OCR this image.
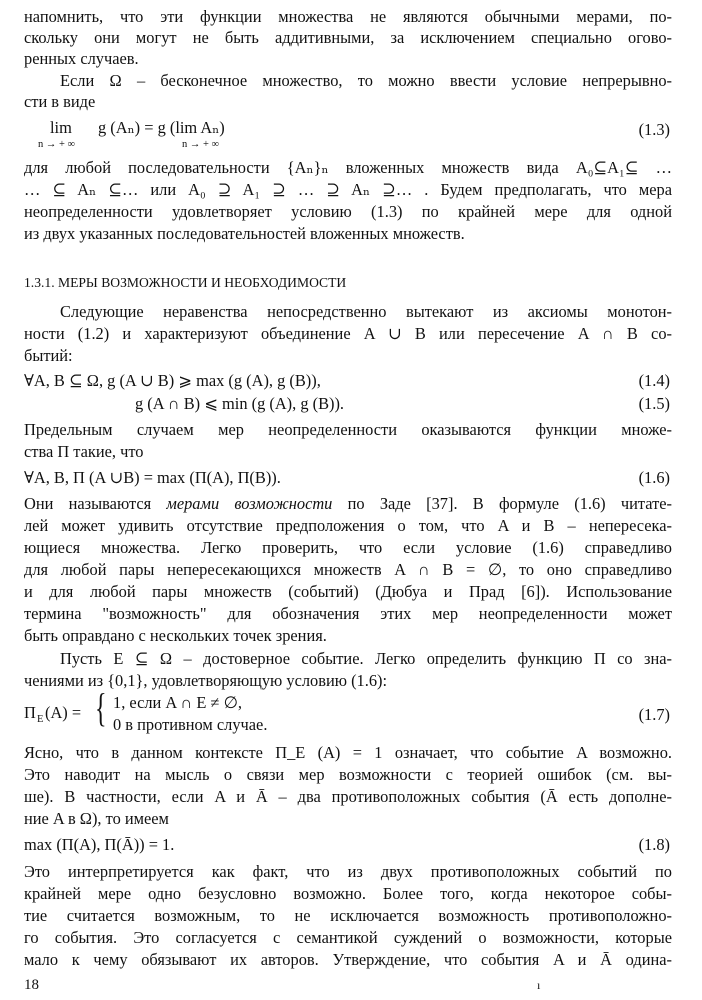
напомнить, что эти функции множества не являются обычными мерами, по-
скольку они могут не быть аддитивными, за исключением специально огово-
ренных случаев.
Если Ω – бесконечное множество, то можно ввести условие непрерывно-
сти в виде
lim
n → + ∞
g (Aₙ) = g (lim Aₙ)
n → + ∞
(1.3)
для любой последовательности {Aₙ}ₙ вложенных множеств вида A₀⊆A₁⊆ …
… ⊆ Aₙ ⊆… или A₀ ⊇ A₁ ⊇ … ⊇ Aₙ ⊇… . Будем предполагать, что мера
неопределенности удовлетворяет условию (1.3) по крайней мере для одной
из двух указанных последовательностей вложенных множеств.
1.3.1. МЕРЫ ВОЗМОЖНОСТИ И НЕОБХОДИМОСТИ
Следующие неравенства непосредственно вытекают из аксиомы монотон-
ности (1.2) и характеризуют объединение A ∪ B или пересечение A ∩ B со-
бытий:
∀A, B ⊆ Ω, g (A ∪ B) ⩾ max (g (A), g (B)),	(1.4)
g (A ∩ B) ⩽ min (g (A), g (B)).	(1.5)
Предельным случаем мер неопределенности оказываются функции множе-
ства Π такие, что
∀A, B, Π (A ∪B) = max (Π(A), Π(B)).	(1.6)
Они называются мерами возможности по Заде [37]. В формуле (1.6) читате-
лей может удивить отсутствие предположения о том, что A и B – непересека-
ющиеся множества. Легко проверить, что если условие (1.6) справедливо
для любой пары непересекающихся множеств A ∩ B = ∅, то оно справедливо
и для любой пары множеств (событий) (Дюбуа и Прад [6]). Использование
термина "возможность" для обозначения этих мер неопределенности может
быть оправдано с нескольких точек зрения.
Пусть E ⊆ Ω – достоверное событие. Легко определить функцию Π со зна-
чениями из {0,1}, удовлетворяющую условию (1.6):
Π E (A) = { 1, если A ∩ E ≠ ∅,
0 в противном случае.
(1.7)
Ясно, что в данном контексте Π_E (A) = 1 означает, что событие A возможно.
Это наводит на мысль о связи мер возможности с теорией ошибок (см. вы-
ше). В частности, если A и Ā – два противоположных события (Ā есть дополне-
ние A в Ω), то имеем
max (Π(A), Π(Ā)) = 1.	(1.8)
Это интерпретируется как факт, что из двух противоположных событий по
крайней мере одно безусловно возможно. Более того, когда некоторое собы-
тие считается возможным, то не исключается возможность противоположно-
го события. Это согласуется с семантикой суждений о возможности, которые
мало к чему обязывают их авторов. Утверждение, что события A и Ā одина-
18	ı
